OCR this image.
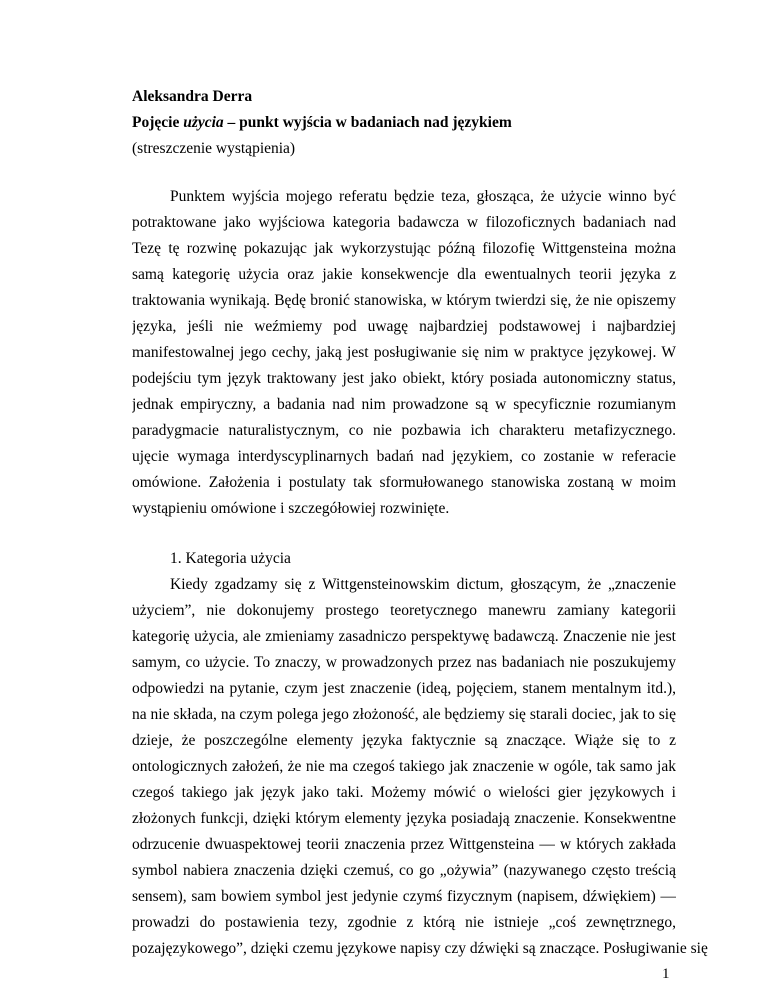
Aleksandra Derra
Pojęcie użycia – punkt wyjścia w badaniach nad językiem
(streszczenie wystąpienia)
Punktem wyjścia mojego referatu będzie teza, głosząca, że użycie winno być
potraktowane jako wyjściowa kategoria badawcza w filozoficznych badaniach nad
Tezę tę rozwinę pokazując jak wykorzystując późną filozofię Wittgensteina można
samą kategorię użycia oraz jakie konsekwencje dla ewentualnych teorii języka z
traktowania wynikają. Będę bronić stanowiska, w którym twierdzi się, że nie opiszemy
języka, jeśli nie weźmiemy pod uwagę najbardziej podstawowej i najbardziej
manifestowalnej jego cechy, jaką jest posługiwanie się nim w praktyce językowej. W
podejściu tym język traktowany jest jako obiekt, który posiada autonomiczny status,
jednak empiryczny, a badania nad nim prowadzone są w specyficznie rozumianym
paradygmacie naturalistycznym, co nie pozbawia ich charakteru metafizycznego.
ujęcie wymaga interdyscyplinarnych badań nad językiem, co zostanie w referacie
omówione. Założenia i postulaty tak sformułowanego stanowiska zostaną w moim
wystąpieniu omówione i szczegółowiej rozwinięte.
1. Kategoria użycia
Kiedy zgadzamy się z Wittgensteinowskim dictum, głoszącym, że „znaczenie
użyciem”, nie dokonujemy prostego teoretycznego manewru zamiany kategorii
kategorię użycia, ale zmieniamy zasadniczo perspektywę badawczą. Znaczenie nie jest
samym, co użycie. To znaczy, w prowadzonych przez nas badaniach nie poszukujemy
odpowiedzi na pytanie, czym jest znaczenie (ideą, pojęciem, stanem mentalnym itd.),
na nie składa, na czym polega jego złożoność, ale będziemy się starali dociec, jak to się
dzieje, że poszczególne elementy języka faktycznie są znaczące. Wiąże się to z
ontologicznych założeń, że nie ma czegoś takiego jak znaczenie w ogóle, tak samo jak
czegoś takiego jak język jako taki. Możemy mówić o wielości gier językowych i
złożonych funkcji, dzięki którym elementy języka posiadają znaczenie. Konsekwentne
odrzucenie dwuaspektowej teorii znaczenia przez Wittgensteina — w których zakłada
symbol nabiera znaczenia dzięki czemuś, co go „ożywia” (nazywanego często treścią
sensem), sam bowiem symbol jest jedynie czymś fizycznym (napisem, dźwiękiem) —
prowadzi do postawienia tezy, zgodnie z którą nie istnieje „coś zewnętrznego,
pozajęzykowego”, dzięki czemu językowe napisy czy dźwięki są znaczące. Posługiwanie się
1
